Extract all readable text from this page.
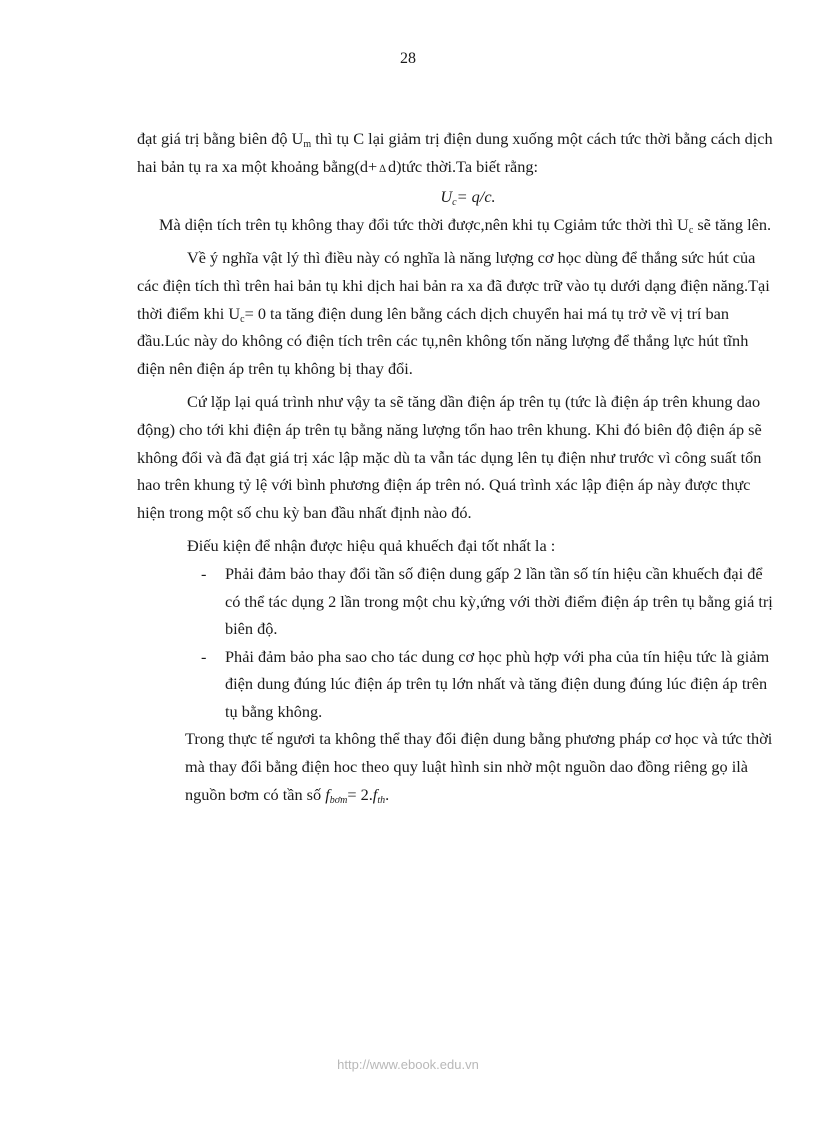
28

đạt giá trị bằng biên độ $U_m$ thì tụ C lại giảm trị điện dung xuống một cách tức thời bằng cách dịch hai bản tụ ra xa một khoảng bằng(d+ ∆ d)tức thời.Ta biết rằng:

$U_c= q/c$.

Mà diện tích trên tụ không thay đổi tức thời được,nên khi tụ Cgiảm tức thời thì $U_c$ sẽ tăng lên.

Về ý nghĩa vật lý thì điều này có nghĩa là năng lượng cơ học dùng để thắng sức hút của các điện tích thì trên hai bản tụ khi dịch hai bản ra xa đã được trữ vào tụ dưới dạng điện năng.Tại thời điểm khi $U_c= 0$ ta tăng điện dung lên bằng cách dịch chuyển hai má tụ trở về vị trí ban đầu.Lúc này do không có điện tích trên các tụ,nên không tốn năng lượng để thắng lực hút tĩnh điện nên điện áp trên tụ không bị thay đổi.

Cứ lặp lại quá trình như vậy ta sẽ tăng dần điện áp trên tụ (tức là điện áp trên khung dao động) cho tới khi điện áp trên tụ bằng năng lượng tổn hao trên khung. Khi đó biên độ điện áp sẽ không đổi và đã đạt giá trị xác lập mặc dù ta vẫn tác dụng lên tụ điện như trước vì công suất tổn hao trên khung tỷ lệ với bình phương điện áp trên nó. Quá trình xác lập điện áp này được thực hiện trong một số chu kỳ ban đầu nhất định nào đó.

Điếu kiện để nhận được hiệu quả khuếch đại tốt nhất la :

- Phải đảm bảo thay đổi tần số điện dung gấp 2 lần tần số tín hiệu cần khuếch đại để có thể tác dụng 2 lần trong một chu kỳ,ứng với thời điểm điện áp trên tụ bằng giá trị biên độ.
- Phải đảm bảo pha sao cho tác dung cơ học phù hợp với pha của tín hiệu tức là giảm điện dung đúng lúc điện áp trên tụ lớn nhất và tăng điện dung đúng lúc điện áp trên tụ bằng không.

Trong thực tế ngươi ta không thể thay đổi điện dung bằng phương pháp cơ học và tức thời mà thay đổi bằng điện hoc theo quy luật hình sin nhờ một nguồn dao đồng riêng gọ ilà nguồn bơm có tần số $f_{bơm}= 2.f_{th}$.

http://www.ebook.edu.vn
